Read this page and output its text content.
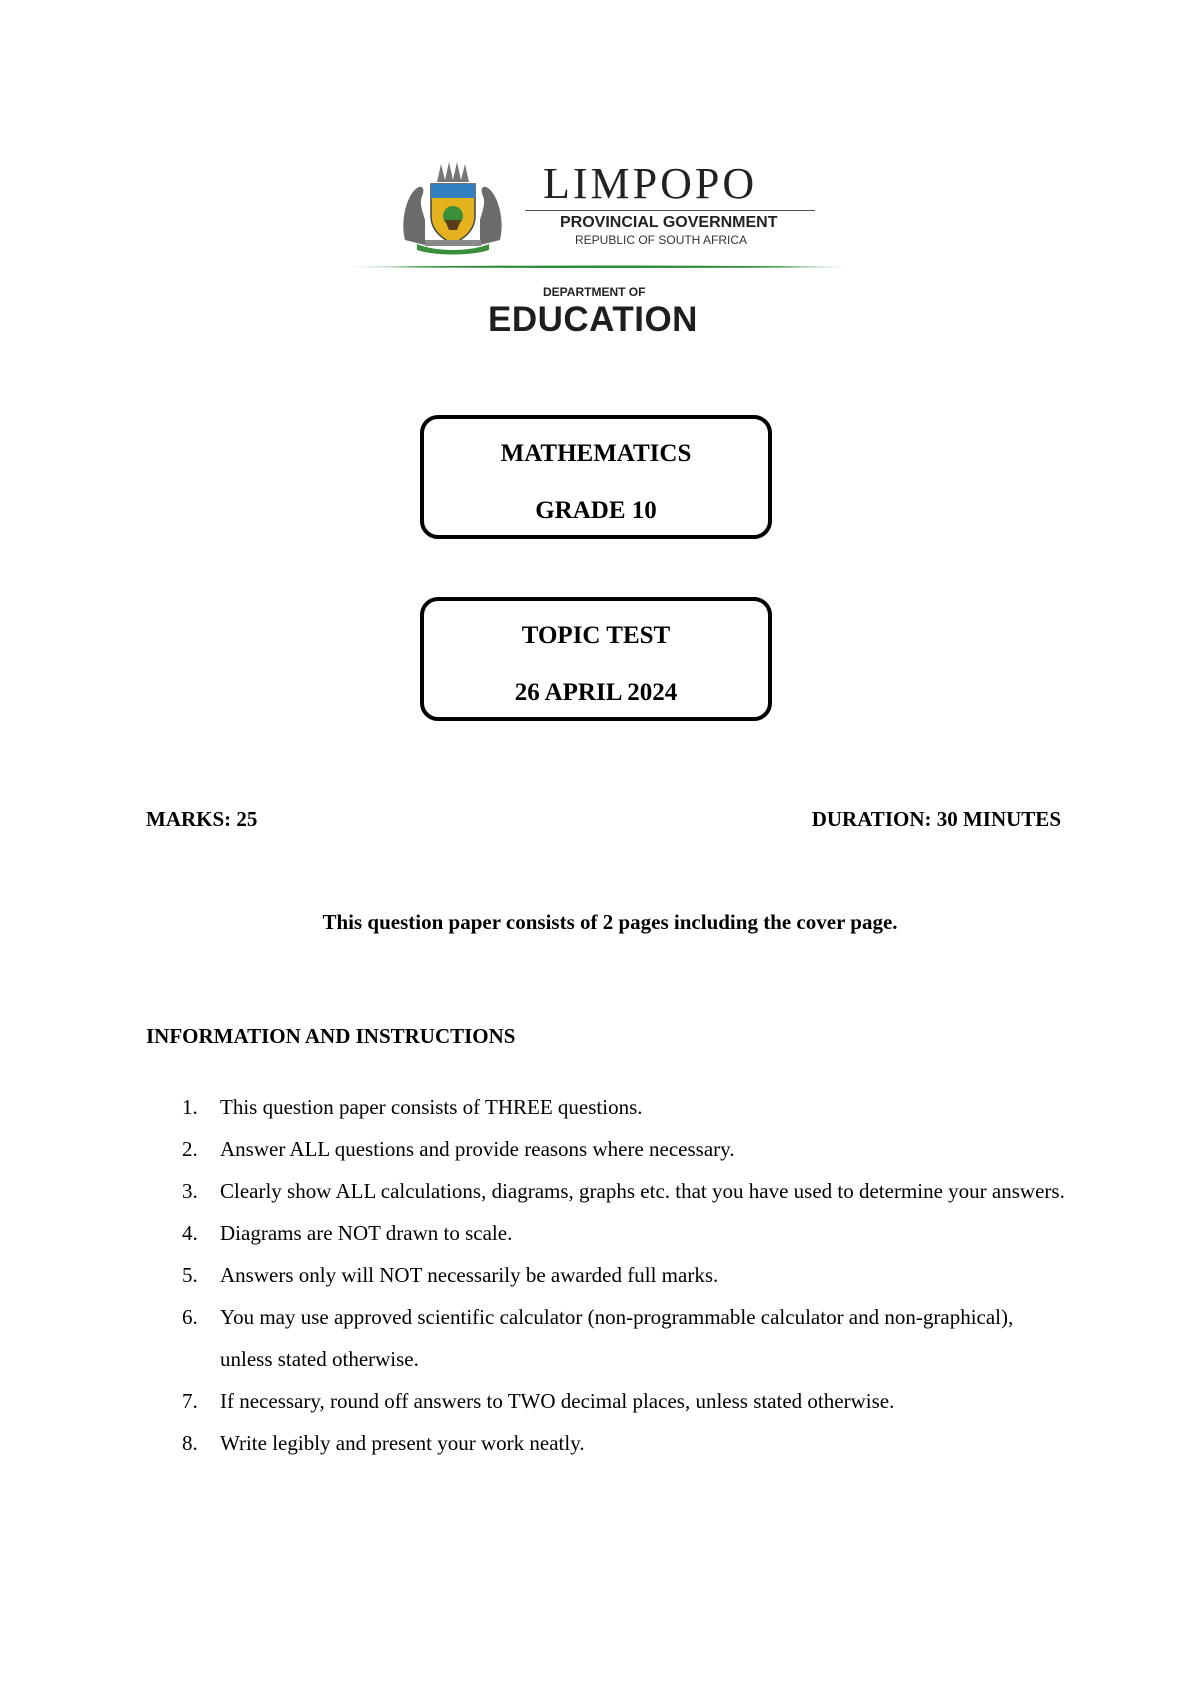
LIMPOPO
PROVINCIAL GOVERNMENT
REPUBLIC OF SOUTH AFRICA
DEPARTMENT OF
EDUCATION
MATHEMATICS
GRADE 10
TOPIC TEST
26 APRIL 2024
MARKS: 25	DURATION: 30 MINUTES
This question paper consists of 2 pages including the cover page.
INFORMATION AND INSTRUCTIONS
1. This question paper consists of THREE questions.
2. Answer ALL questions and provide reasons where necessary.
3. Clearly show ALL calculations, diagrams, graphs etc. that you have used to determine your answers.
4. Diagrams are NOT drawn to scale.
5. Answers only will NOT necessarily be awarded full marks.
6. You may use approved scientific calculator (non-programmable calculator and non-graphical), unless stated otherwise.
7. If necessary, round off answers to TWO decimal places, unless stated otherwise.
8. Write legibly and present your work neatly.
